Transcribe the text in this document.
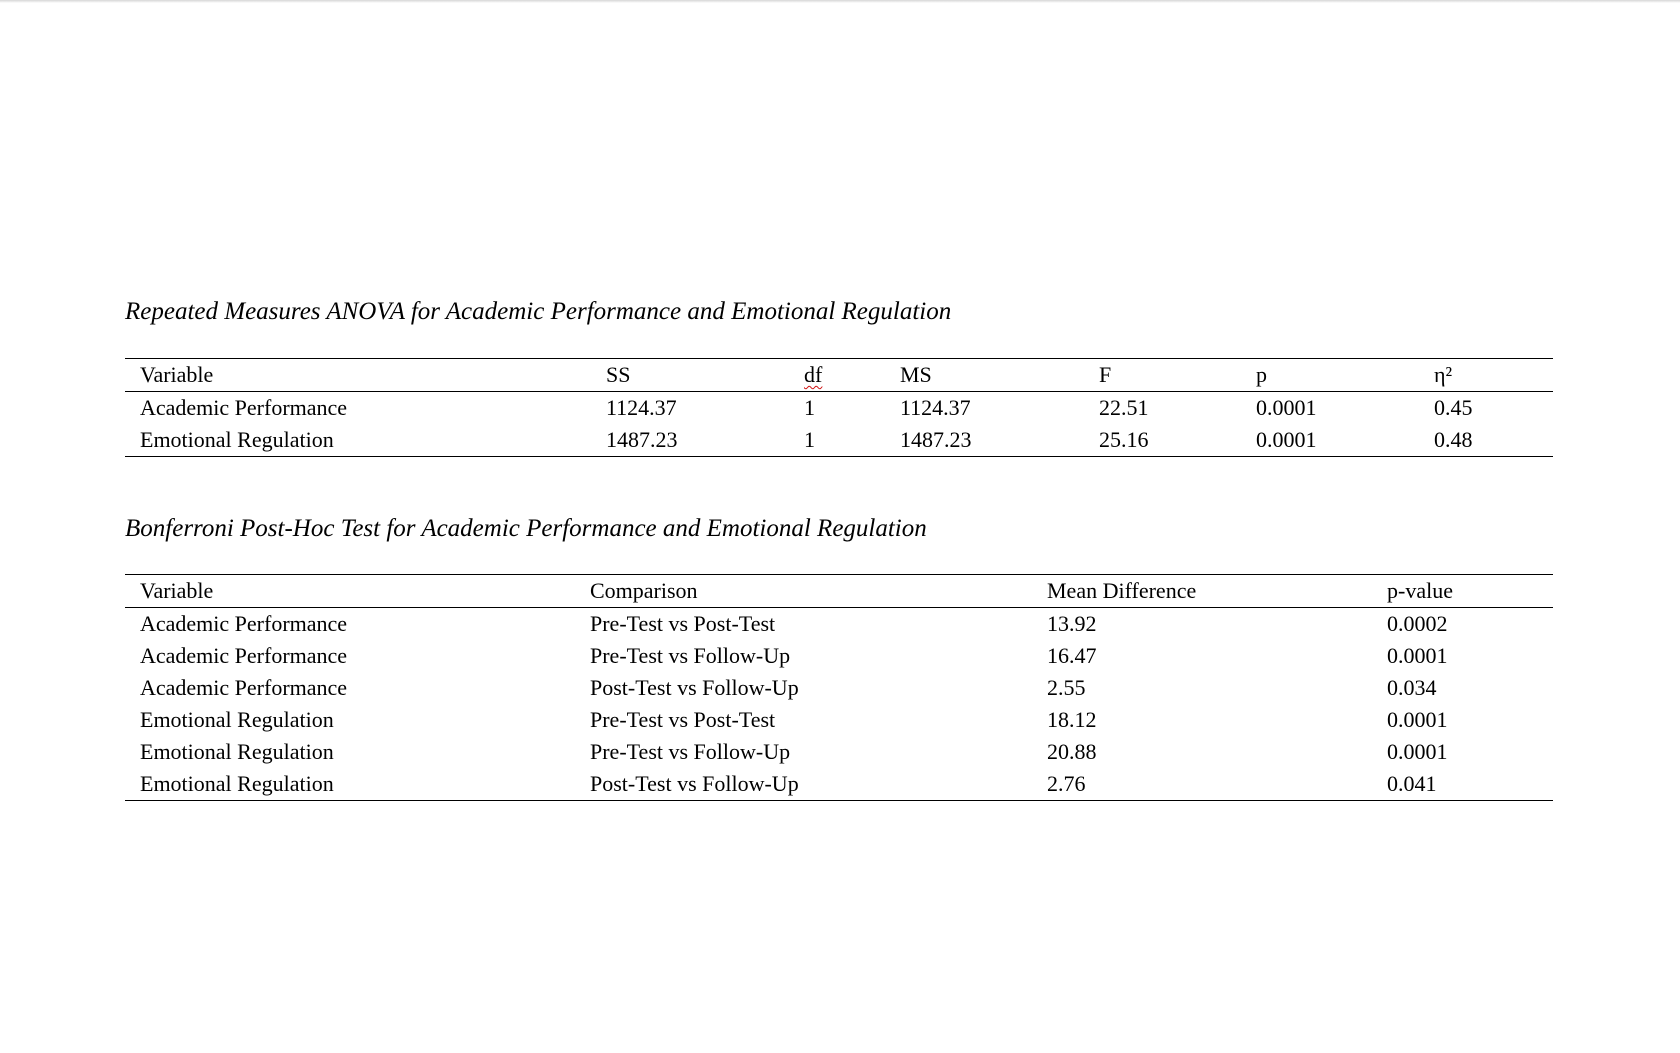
Repeated Measures ANOVA for Academic Performance and Emotional Regulation

Variable	SS	df	MS	F	p	η²
Academic Performance	1124.37	1	1124.37	22.51	0.0001	0.45
Emotional Regulation	1487.23	1	1487.23	25.16	0.0001	0.48

Bonferroni Post-Hoc Test for Academic Performance and Emotional Regulation

Variable	Comparison	Mean Difference	p-value
Academic Performance	Pre-Test vs Post-Test	13.92	0.0002
Academic Performance	Pre-Test vs Follow-Up	16.47	0.0001
Academic Performance	Post-Test vs Follow-Up	2.55	0.034
Emotional Regulation	Pre-Test vs Post-Test	18.12	0.0001
Emotional Regulation	Pre-Test vs Follow-Up	20.88	0.0001
Emotional Regulation	Post-Test vs Follow-Up	2.76	0.041
